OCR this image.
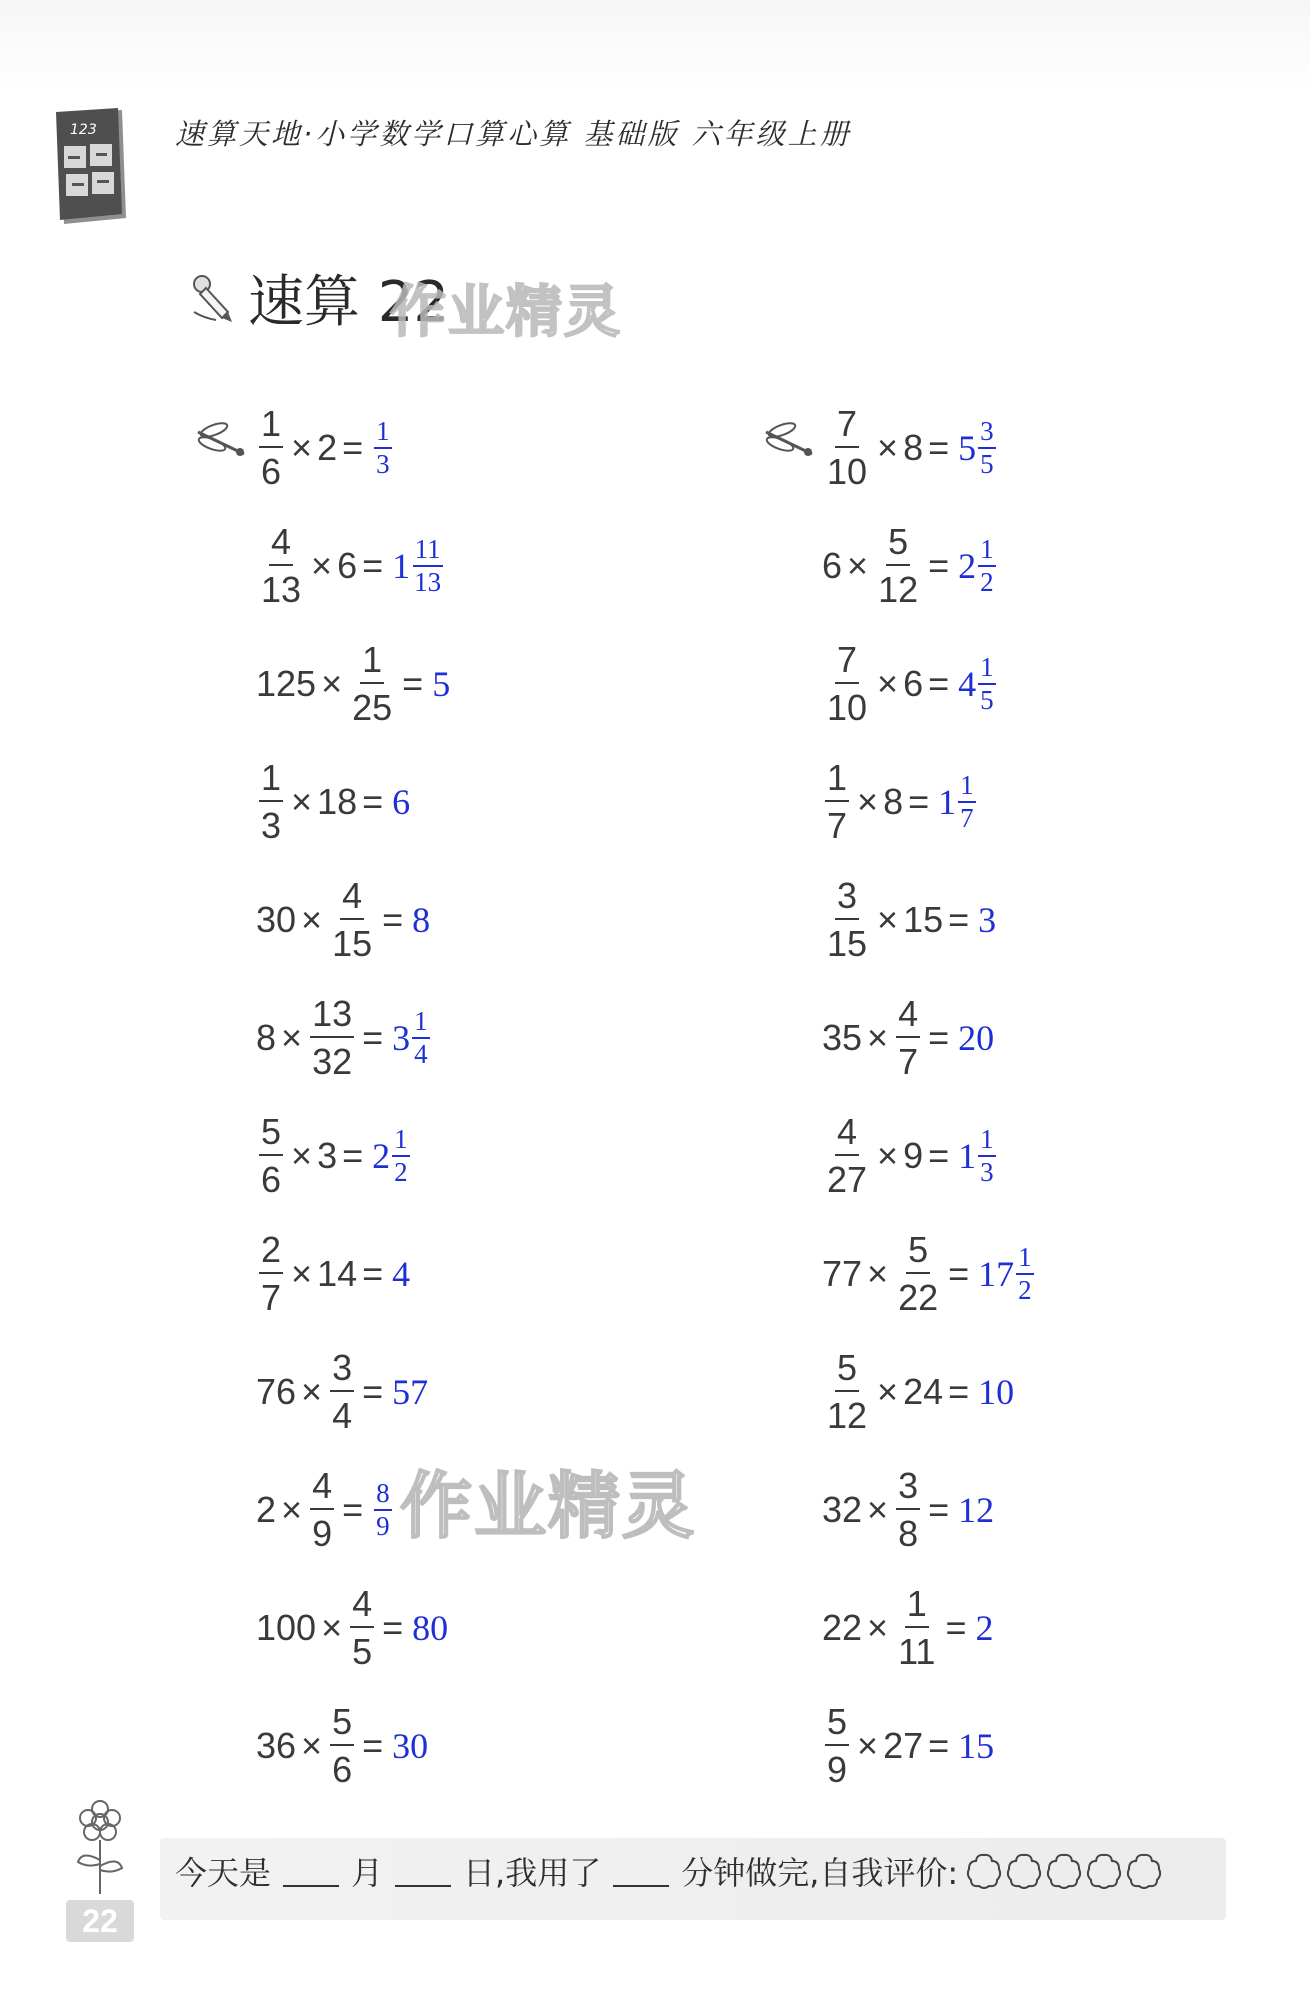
123	速算天地·小学数学口算心算 基础版 六年级上册
速算 22
作业精灵
$\frac{1}{6} \times 2 = \frac{1}{3}$
$\frac{4}{13} \times 6 = 1 \frac{11}{13}$
$125 \times \frac{1}{25} = 5$
$\frac{1}{3} \times 18 = 6$
$30 \times \frac{4}{15} = 8$
$8 \times \frac{13}{32} = 3 \frac{1}{4}$
$\frac{5}{6} \times 3 = 2 \frac{1}{2}$
$\frac{2}{7} \times 14 = 4$
$76 \times \frac{3}{4} = 57$
$2 \times \frac{4}{9} = \frac{8}{9}$
$100 \times \frac{4}{5} = 80$
$36 \times \frac{5}{6} = 30$
$\frac{7}{10} \times 8 = 5 \frac{3}{5}$
$6 \times \frac{5}{12} = 2 \frac{1}{2}$
$\frac{7}{10} \times 6 = 4 \frac{1}{5}$
$\frac{1}{7} \times 8 = 1 \frac{1}{7}$
$\frac{3}{15} \times 15 = 3$
$35 \times \frac{4}{7} = 20$
$\frac{4}{27} \times 9 = 1 \frac{1}{3}$
$77 \times \frac{5}{22} = 17 \frac{1}{2}$
$\frac{5}{12} \times 24 = 10$
$32 \times \frac{3}{8} = 12$
$22 \times \frac{1}{11} = 2$
$\frac{5}{9} \times 27 = 15$
作业精灵
今天是	月	日,我用了	分钟做完,自我评价:
22
